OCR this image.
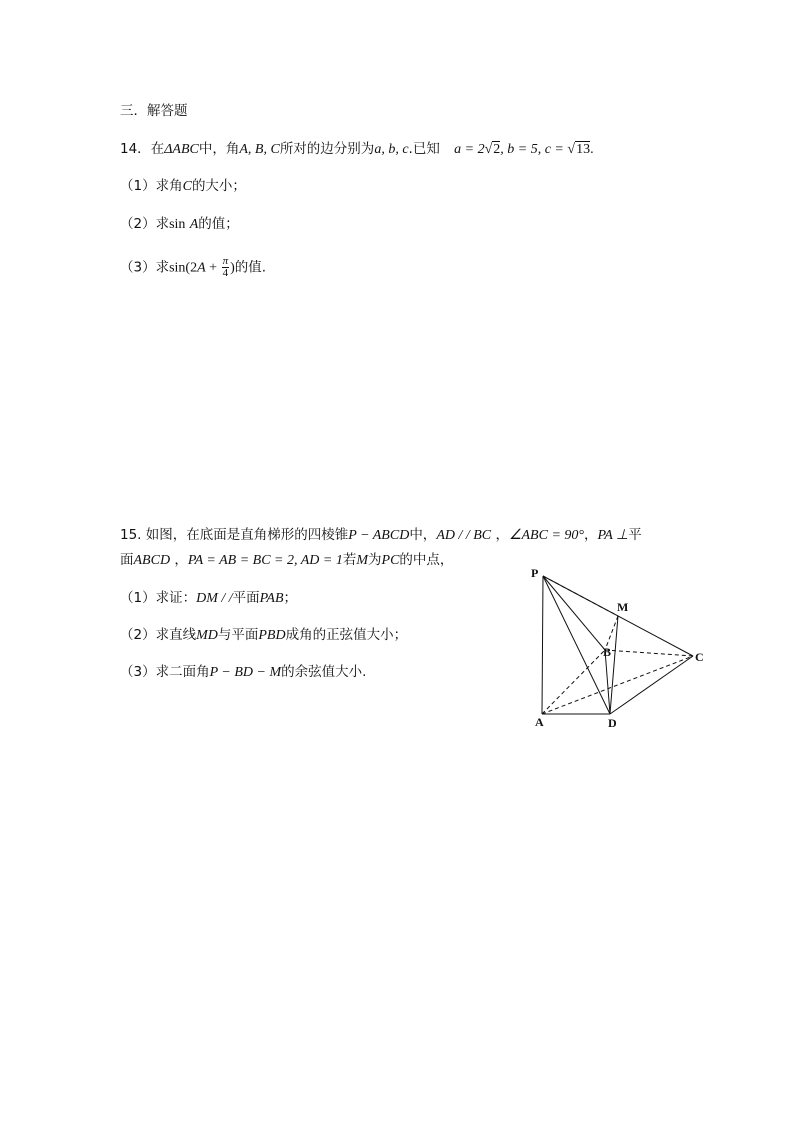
三．解答题
14．在ΔABC中，角A, B, C所对的边分别为a, b, c.已知 a = 2√2, b = 5, c = √13.
（1）求角C的大小；
（2）求sin A的值；
（3）求$\sin(2A + \frac{\pi}{4}$ )的值.
15. 如图，在底面是直角梯形的四棱锥P − ABCD中，AD / / BC ，∠ABC = 90°，PA ⊥平
面ABCD ，PA = AB = BC = 2, AD = 1若M为PC的中点，
（1）求证：DM / /平面PAB；
（2）求直线MD与平面PBD成角的正弦值大小；
（3）求二面角P − BD − M的余弦值大小.
P
M
B	C
A	D
